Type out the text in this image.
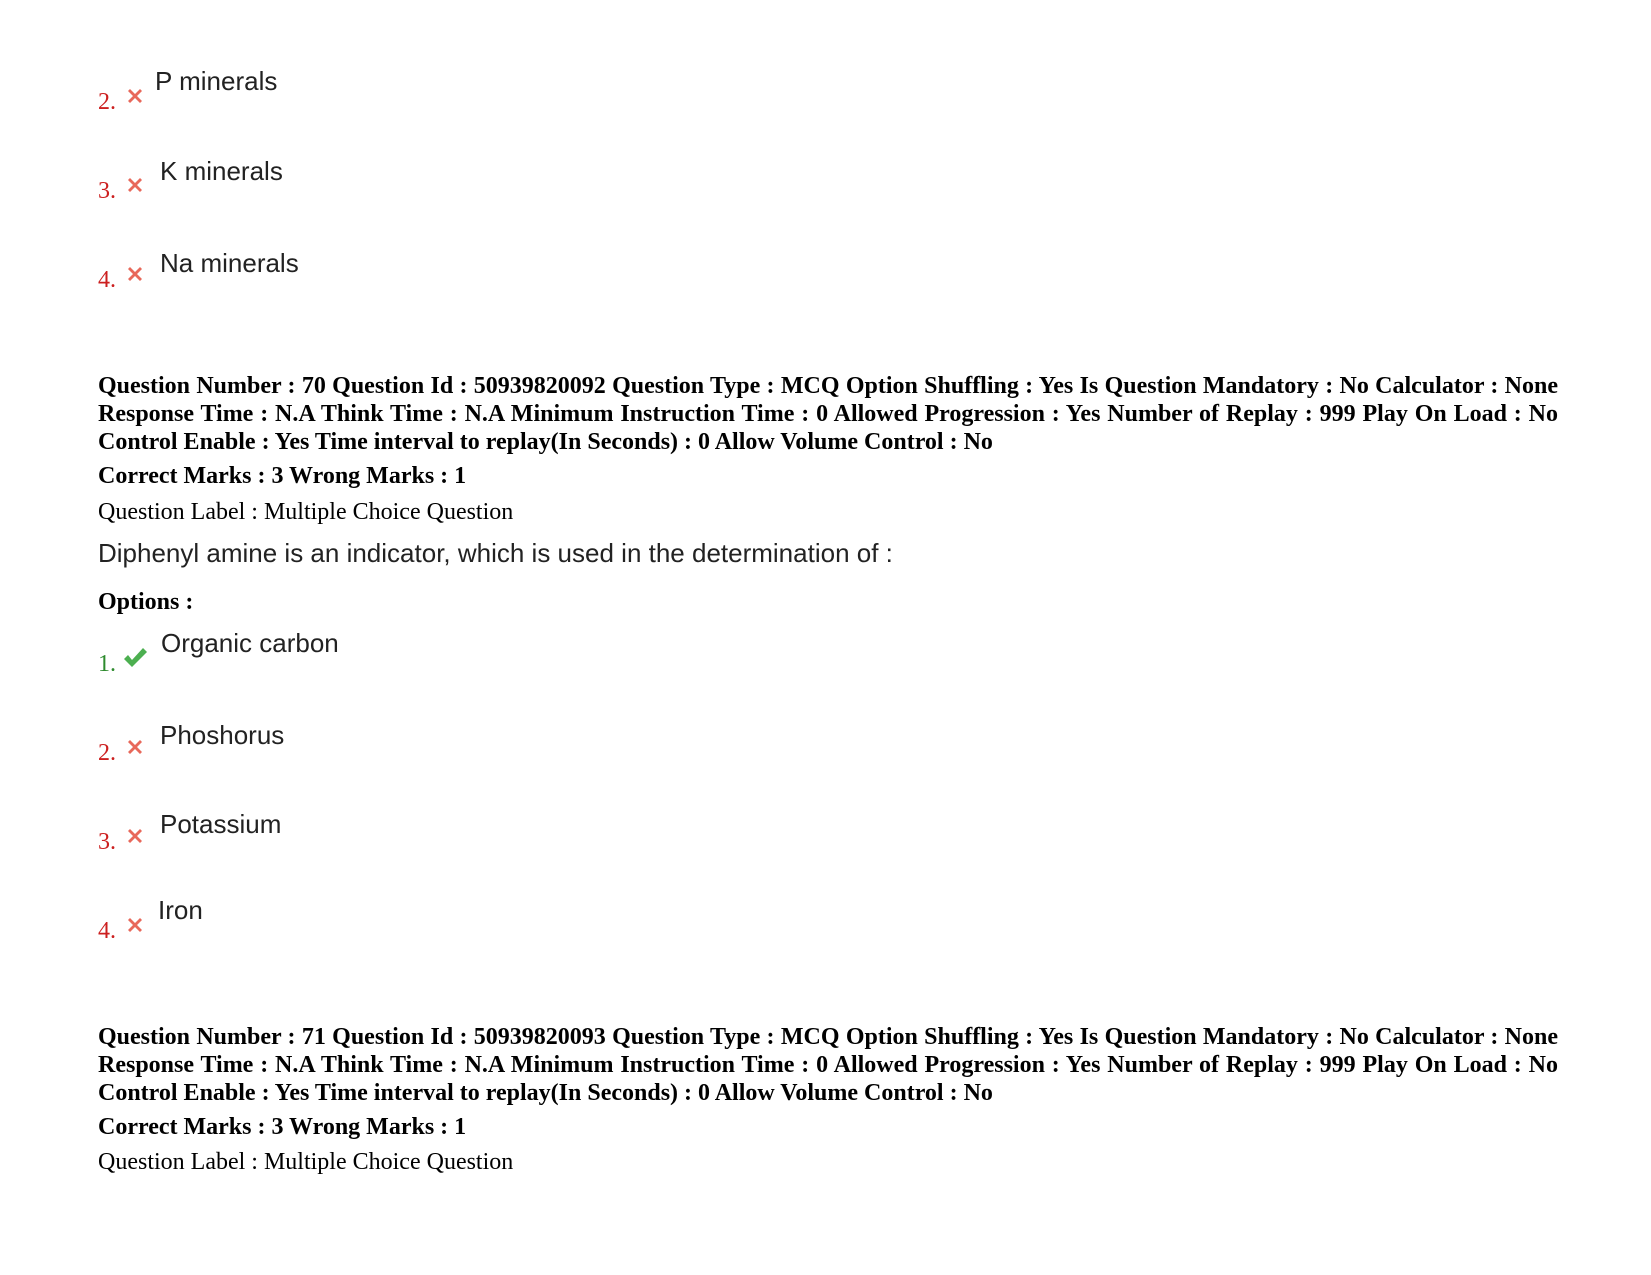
2.
P minerals
3.
K minerals
4.
Na minerals
Question Number : 70 Question Id : 50939820092 Question Type : MCQ Option Shuffling : Yes Is Question Mandatory : No Calculator : None Response Time : N.A Think Time : N.A Minimum Instruction Time : 0 Allowed Progression : Yes Number of Replay : 999 Play On Load : No Control Enable : Yes Time interval to replay(In Seconds) : 0 Allow Volume Control : No
Correct Marks : 3 Wrong Marks : 1
Question Label : Multiple Choice Question
Diphenyl amine is an indicator, which is used in the determination of :
Options :
1.
Organic carbon
2.
Phoshorus
3.
Potassium
4.
Iron
Question Number : 71 Question Id : 50939820093 Question Type : MCQ Option Shuffling : Yes Is Question Mandatory : No Calculator : None Response Time : N.A Think Time : N.A Minimum Instruction Time : 0 Allowed Progression : Yes Number of Replay : 999 Play On Load : No Control Enable : Yes Time interval to replay(In Seconds) : 0 Allow Volume Control : No
Correct Marks : 3 Wrong Marks : 1
Question Label : Multiple Choice Question
